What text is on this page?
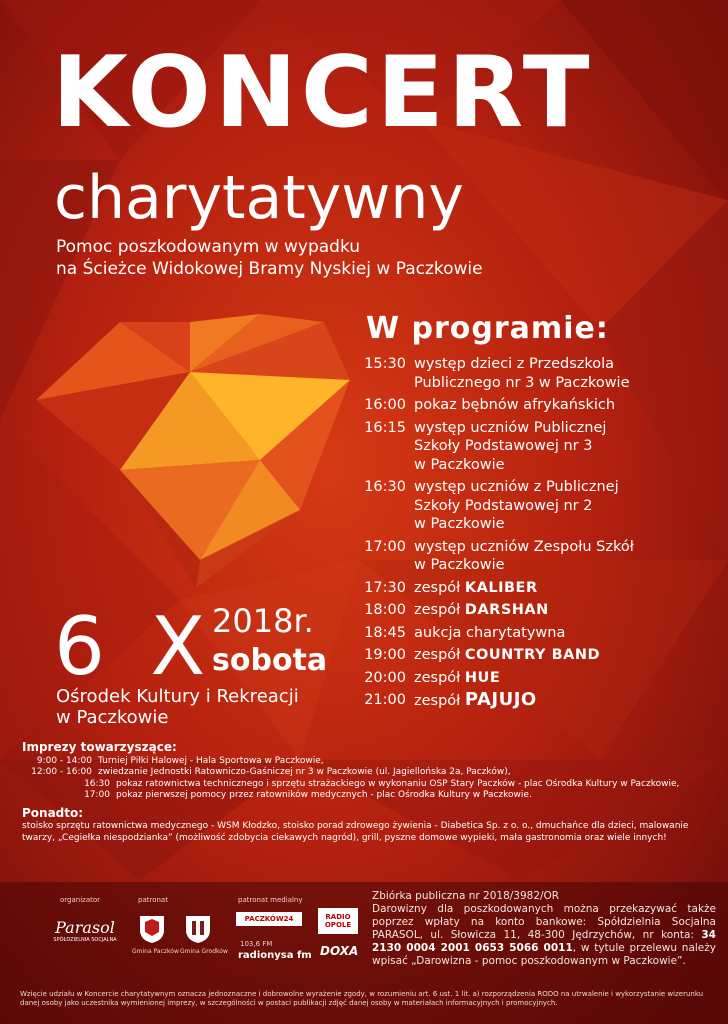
KONCERT
charytatywny
Pomoc poszkodowanym w wypadku
na Ścieżce Widokowej Bramy Nyskiej w Paczkowie
W programie:
15:30 występ dzieci z Przedszkola
Publicznego nr 3 w Paczkowie
16:00 pokaz bębnów afrykańskich
16:15 występ uczniów Publicznej
Szkoły Podstawowej nr 3
w Paczkowie
16:30 występ uczniów z Publicznej
Szkoły Podstawowej nr 2
w Paczkowie
17:00 występ uczniów Zespołu Szkół
w Paczkowie
17:30 zespół KALIBER
18:00 zespół DARSHAN
18:45 aukcja charytatywna
19:00 zespół COUNTRY BAND
20:00 zespół HUE
21:00 zespół PAJUJO
6 X
2018r.
sobota
Ośrodek Kultury i Rekreacji
w Paczkowie
Imprezy towarzyszące:
9:00 - 14:00 Turniej Piłki Halowej - Hala Sportowa w Paczkowie,
12:00 - 16:00 zwiedzanie Jednostki Ratowniczo-Gaśniczej nr 3 w Paczkowie (ul. Jagiellońska 2a, Paczków),
16:30 pokaz ratownictwa technicznego i sprzętu strażackiego w wykonaniu OSP Stary Paczków - plac Ośrodka Kultury w Paczkowie,
17:00 pokaz pierwszej pomocy przez ratowników medycznych - plac Ośrodka Kultury w Paczkowie.
Ponadto:
stoisko sprzętu ratownictwa medycznego - WSM Kłodzko, stoisko porad zdrowego żywienia - Diabetica Sp. z o. o., dmuchańce dla dzieci, malowanie twarzy, „Cegiełka niespodzianka” (możliwość zdobycia ciekawych nagród), grill, pyszne domowe wypieki, mała gastronomia oraz wiele innych!
organizator
Parasol
SPÓŁDZIELNIA SOCJALNA
patronat
Gmina Paczków Gmina Grodków
patronat medialny
PACZKÓW24	RADIO OPOLE
103,6 FM
radionysa fm DOXA
Zbiórka publiczna nr 2018/3982/OR
Darowizny dla poszkodowanych można przekazywać także poprzez wpłaty na konto bankowe: Spółdzielnia Socjalna PARASOL, ul. Słowicza 11, 48-300 Jędrzychów, nr konta: 34 2130 0004 2001 0653 5066 0011, w tytule przelewu należy wpisać „Darowizna - pomoc poszkodowanym w Paczkowie”.
Wzięcie udziału w Koncercie charytatywnym oznacza jednoznaczne i dobrowolne wyrażenie zgody, w rozumieniu art. 6 ust. 1 lit. a) rozporządzenia RODO na utrwalenie i wykorzystanie wizerunku danej osoby jako uczestnika wymienionej imprezy, w szczególności w postaci publikacji zdjęć danej osoby w materiałach informacyjnych i promocyjnych.
